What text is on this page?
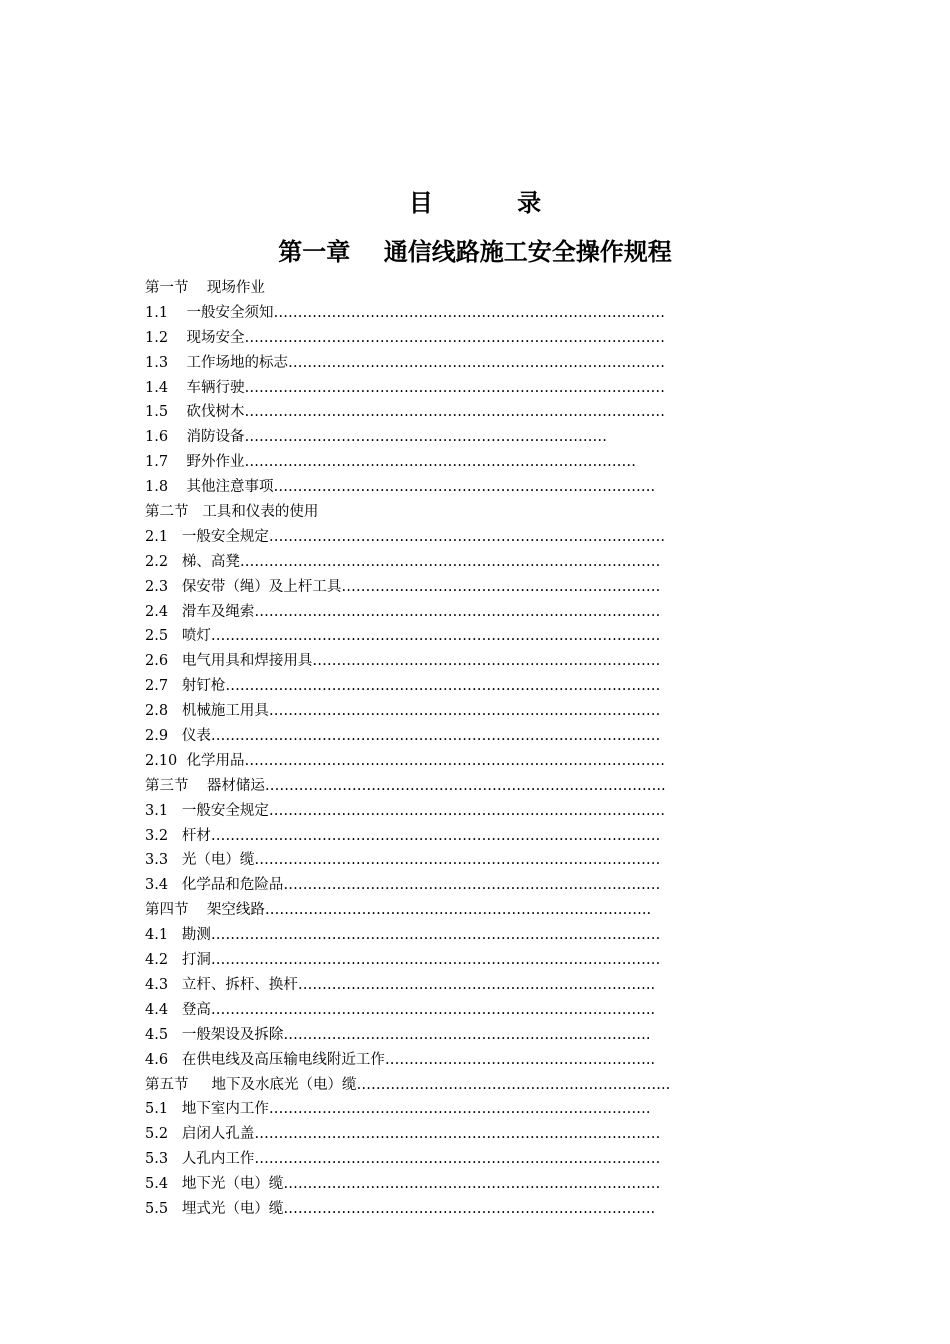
目 录
第一章    通信线路施工安全操作规程
第一节    现场作业
1.1    一般安全须知………………………………………………………………………
1.2    现场安全……………………………………………………………………………
1.3    工作场地的标志……………………………………………………………………
1.4    车辆行驶……………………………………………………………………………
1.5    砍伐树木……………………………………………………………………………
1.6    消防设备…………………………………………………………………
1.7    野外作业………………………………………………………………………
1.8    其他注意事项…………………………………………………………………….
第二节   工具和仪表的使用
2.1   一般安全规定……………………………………………………………………….
2.2   梯、高凳……………………………………………………………………………
2.3   保安带（绳）及上杆工具…………………………………………………………
2.4   滑车及绳索…………………………………………………………………………
2.5   喷灯…………………………………………………………………………………
2.6   电气用具和焊接用具………………………………………………………………
2.7   射钉枪………………………………………………………………………………
2.8   机械施工用具………………………………………………………………………
2.9   仪表…………………………………………………………………………………
2.10  化学用品……………………………………………………………………………
第三节    器材储运………………………………………………………………………..
3.1   一般安全规定……………………………………………………………………….
3.2   杆材…………………………………………………………………………………
3.3   光（电）缆…………………………………………………………………………
3.4   化学品和危险品……………………………………………………………………
第四节    架空线路……………………………………………………………………..
4.1   勘测…………………………………………………………………………………
4.2   打洞…………………………………………………………………………………
4.3   立杆、拆杆、换杆………………………………………………………………..
4.4   登高………………………………………………………………………………..
4.5   一般架设及拆除………………………………………………………………….
4.6   在供电线及高压输电线附近工作………………………………………………..
第五节     地下及水底光（电）缆………………………………………………………..
5.1   地下室内工作…………………………………………………………………….
5.2   启闭人孔盖…………………………………………………………………………
5.3   人孔内工作…………………………………………………………………………
5.4   地下光（电）缆……………………………………………………………………
5.5   埋式光（电）缆…………………………………………………………………..
